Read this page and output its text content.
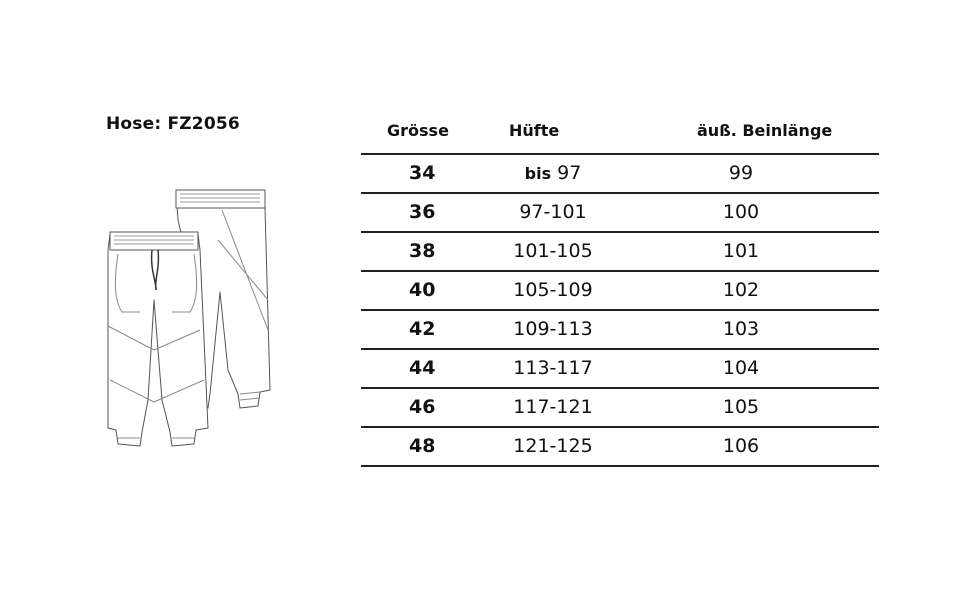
Hose: FZ2056	Grösse	Hüfte	äuß. Beinlänge
34	bis 97	99
36	97-101	100
38	101-105	101
40	105-109	102
42	109-113	103
44	113-117	104
46	117-121	105
48	121-125	106
